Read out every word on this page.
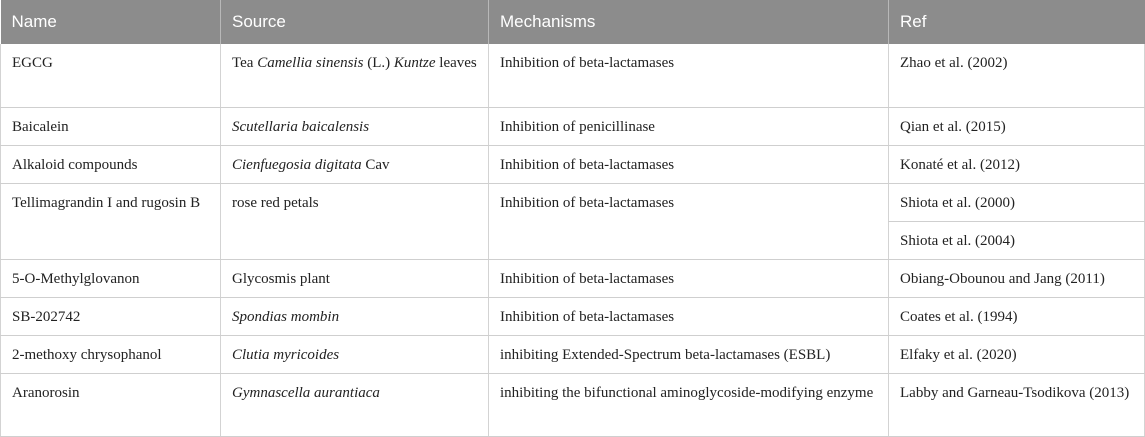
Name	Source	Mechanisms	Ref
EGCG	Tea Camellia sinensis (L.) Kuntze leaves	Inhibition of beta-lactamases	Zhao et al. (2002)
Baicalein	Scutellaria baicalensis	Inhibition of penicillinase	Qian et al. (2015)
Alkaloid compounds	Cienfuegosia digitata Cav	Inhibition of beta-lactamases	Konaté et al. (2012)
Tellimagrandin I and rugosin B	rose red petals	Inhibition of beta-lactamases	Shiota et al. (2000)
			Shiota et al. (2004)
5-O-Methylglovanon	Glycosmis plant	Inhibition of beta-lactamases	Obiang-Obounou and Jang (2011)
SB-202742	Spondias mombin	Inhibition of beta-lactamases	Coates et al. (1994)
2-methoxy chrysophanol	Clutia myricoides	inhibiting Extended-Spectrum beta-lactamases (ESBL)	Elfaky et al. (2020)
Aranorosin	Gymnascella aurantiaca	inhibiting the bifunctional aminoglycoside-modifying enzyme	Labby and Garneau-Tsodikova (2013)
